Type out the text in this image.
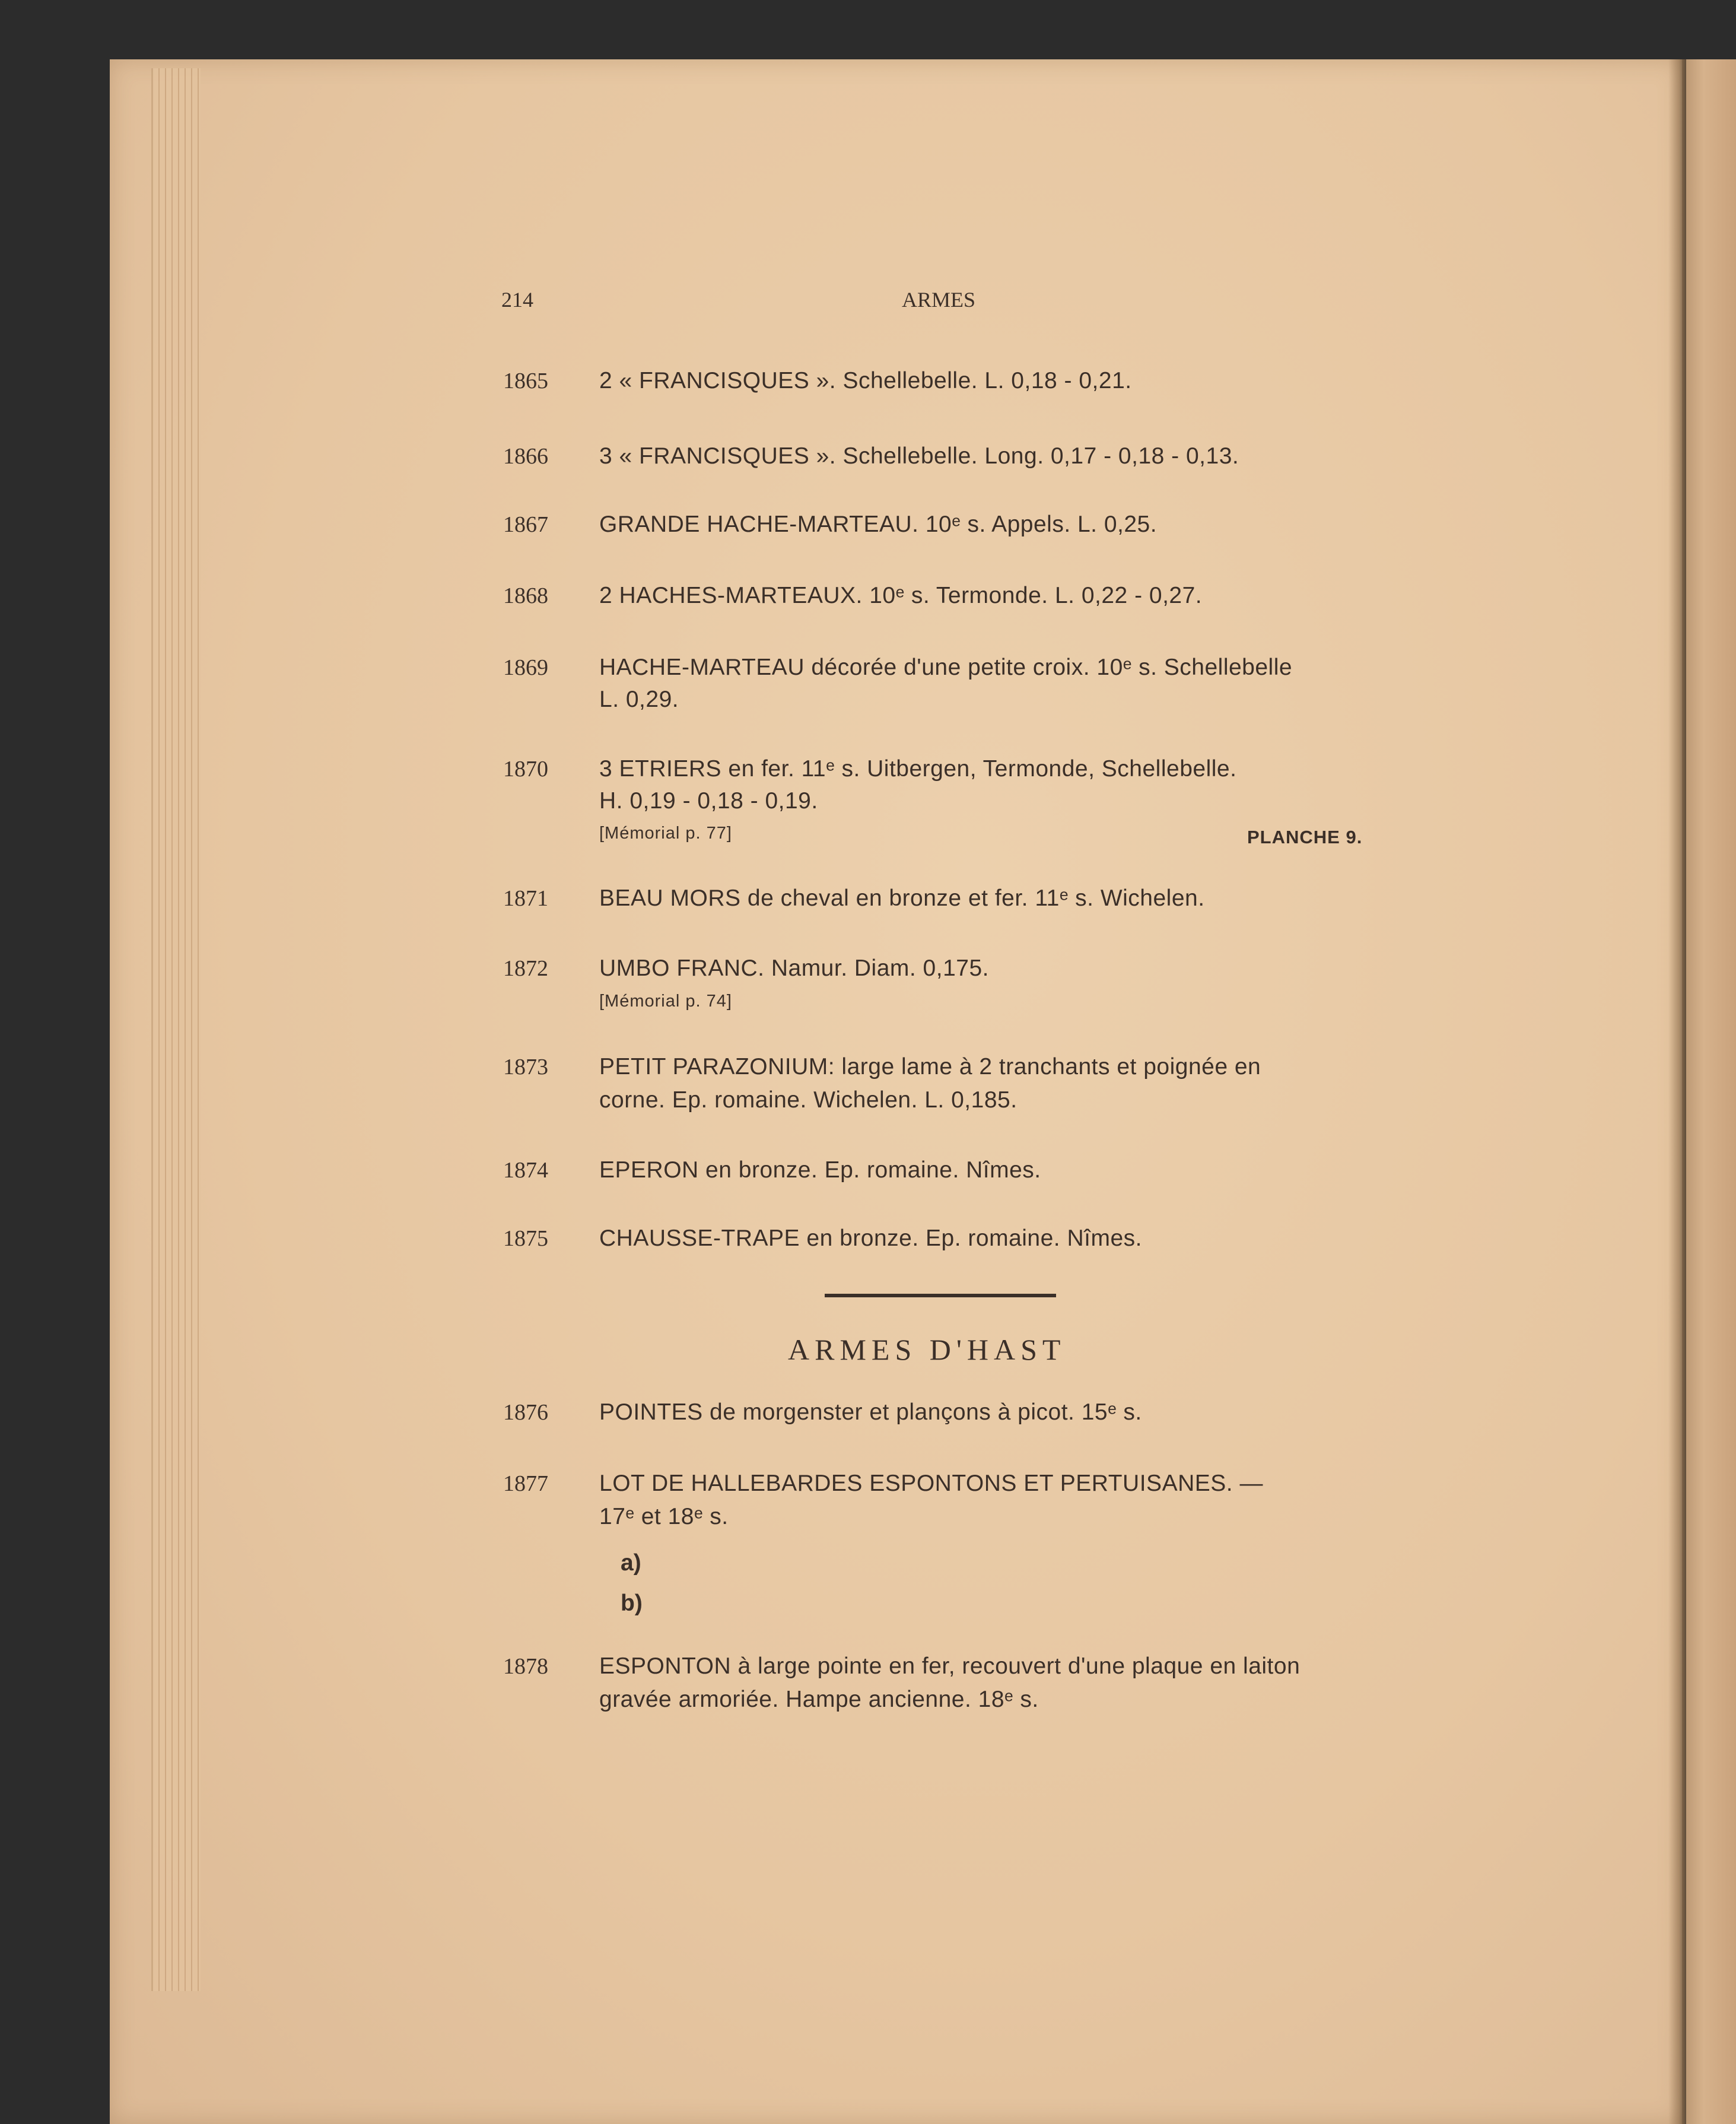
214	ARMES
1865 2 « FRANCISQUES ». Schellebelle. L. 0,18 - 0,21.
1866 3 « FRANCISQUES ». Schellebelle. Long. 0,17 - 0,18 - 0,13.
1867 GRANDE HACHE-MARTEAU. 10ᵉ s. Appels. L. 0,25.
1868 2 HACHES-MARTEAUX. 10ᵉ s. Termonde. L. 0,22 - 0,27.
1869 HACHE-MARTEAU décorée d'une petite croix. 10ᵉ s. Schellebelle
L. 0,29.
1870 3 ETRIERS en fer. 11ᵉ s. Uitbergen, Termonde, Schellebelle.
H. 0,19 - 0,18 - 0,19.
[Mémorial p. 77]	PLANCHE 9.
1871 BEAU MORS de cheval en bronze et fer. 11ᵉ s. Wichelen.
1872 UMBO FRANC. Namur. Diam. 0,175.
[Mémorial p. 74]
1873 PETIT PARAZONIUM: large lame à 2 tranchants et poignée en
corne. Ep. romaine. Wichelen. L. 0,185.
1874 EPERON en bronze. Ep. romaine. Nîmes.
1875 CHAUSSE-TRAPE en bronze. Ep. romaine. Nîmes.
ARMES D'HAST
1876 POINTES de morgenster et plançons à picot. 15ᵉ s.
1877 LOT DE HALLEBARDES ESPONTONS ET PERTUISANES. —
17ᵉ et 18ᵉ s.
a)
b)
1878 ESPONTON à large pointe en fer, recouvert d'une plaque en laiton
gravée armoriée. Hampe ancienne. 18ᵉ s.
